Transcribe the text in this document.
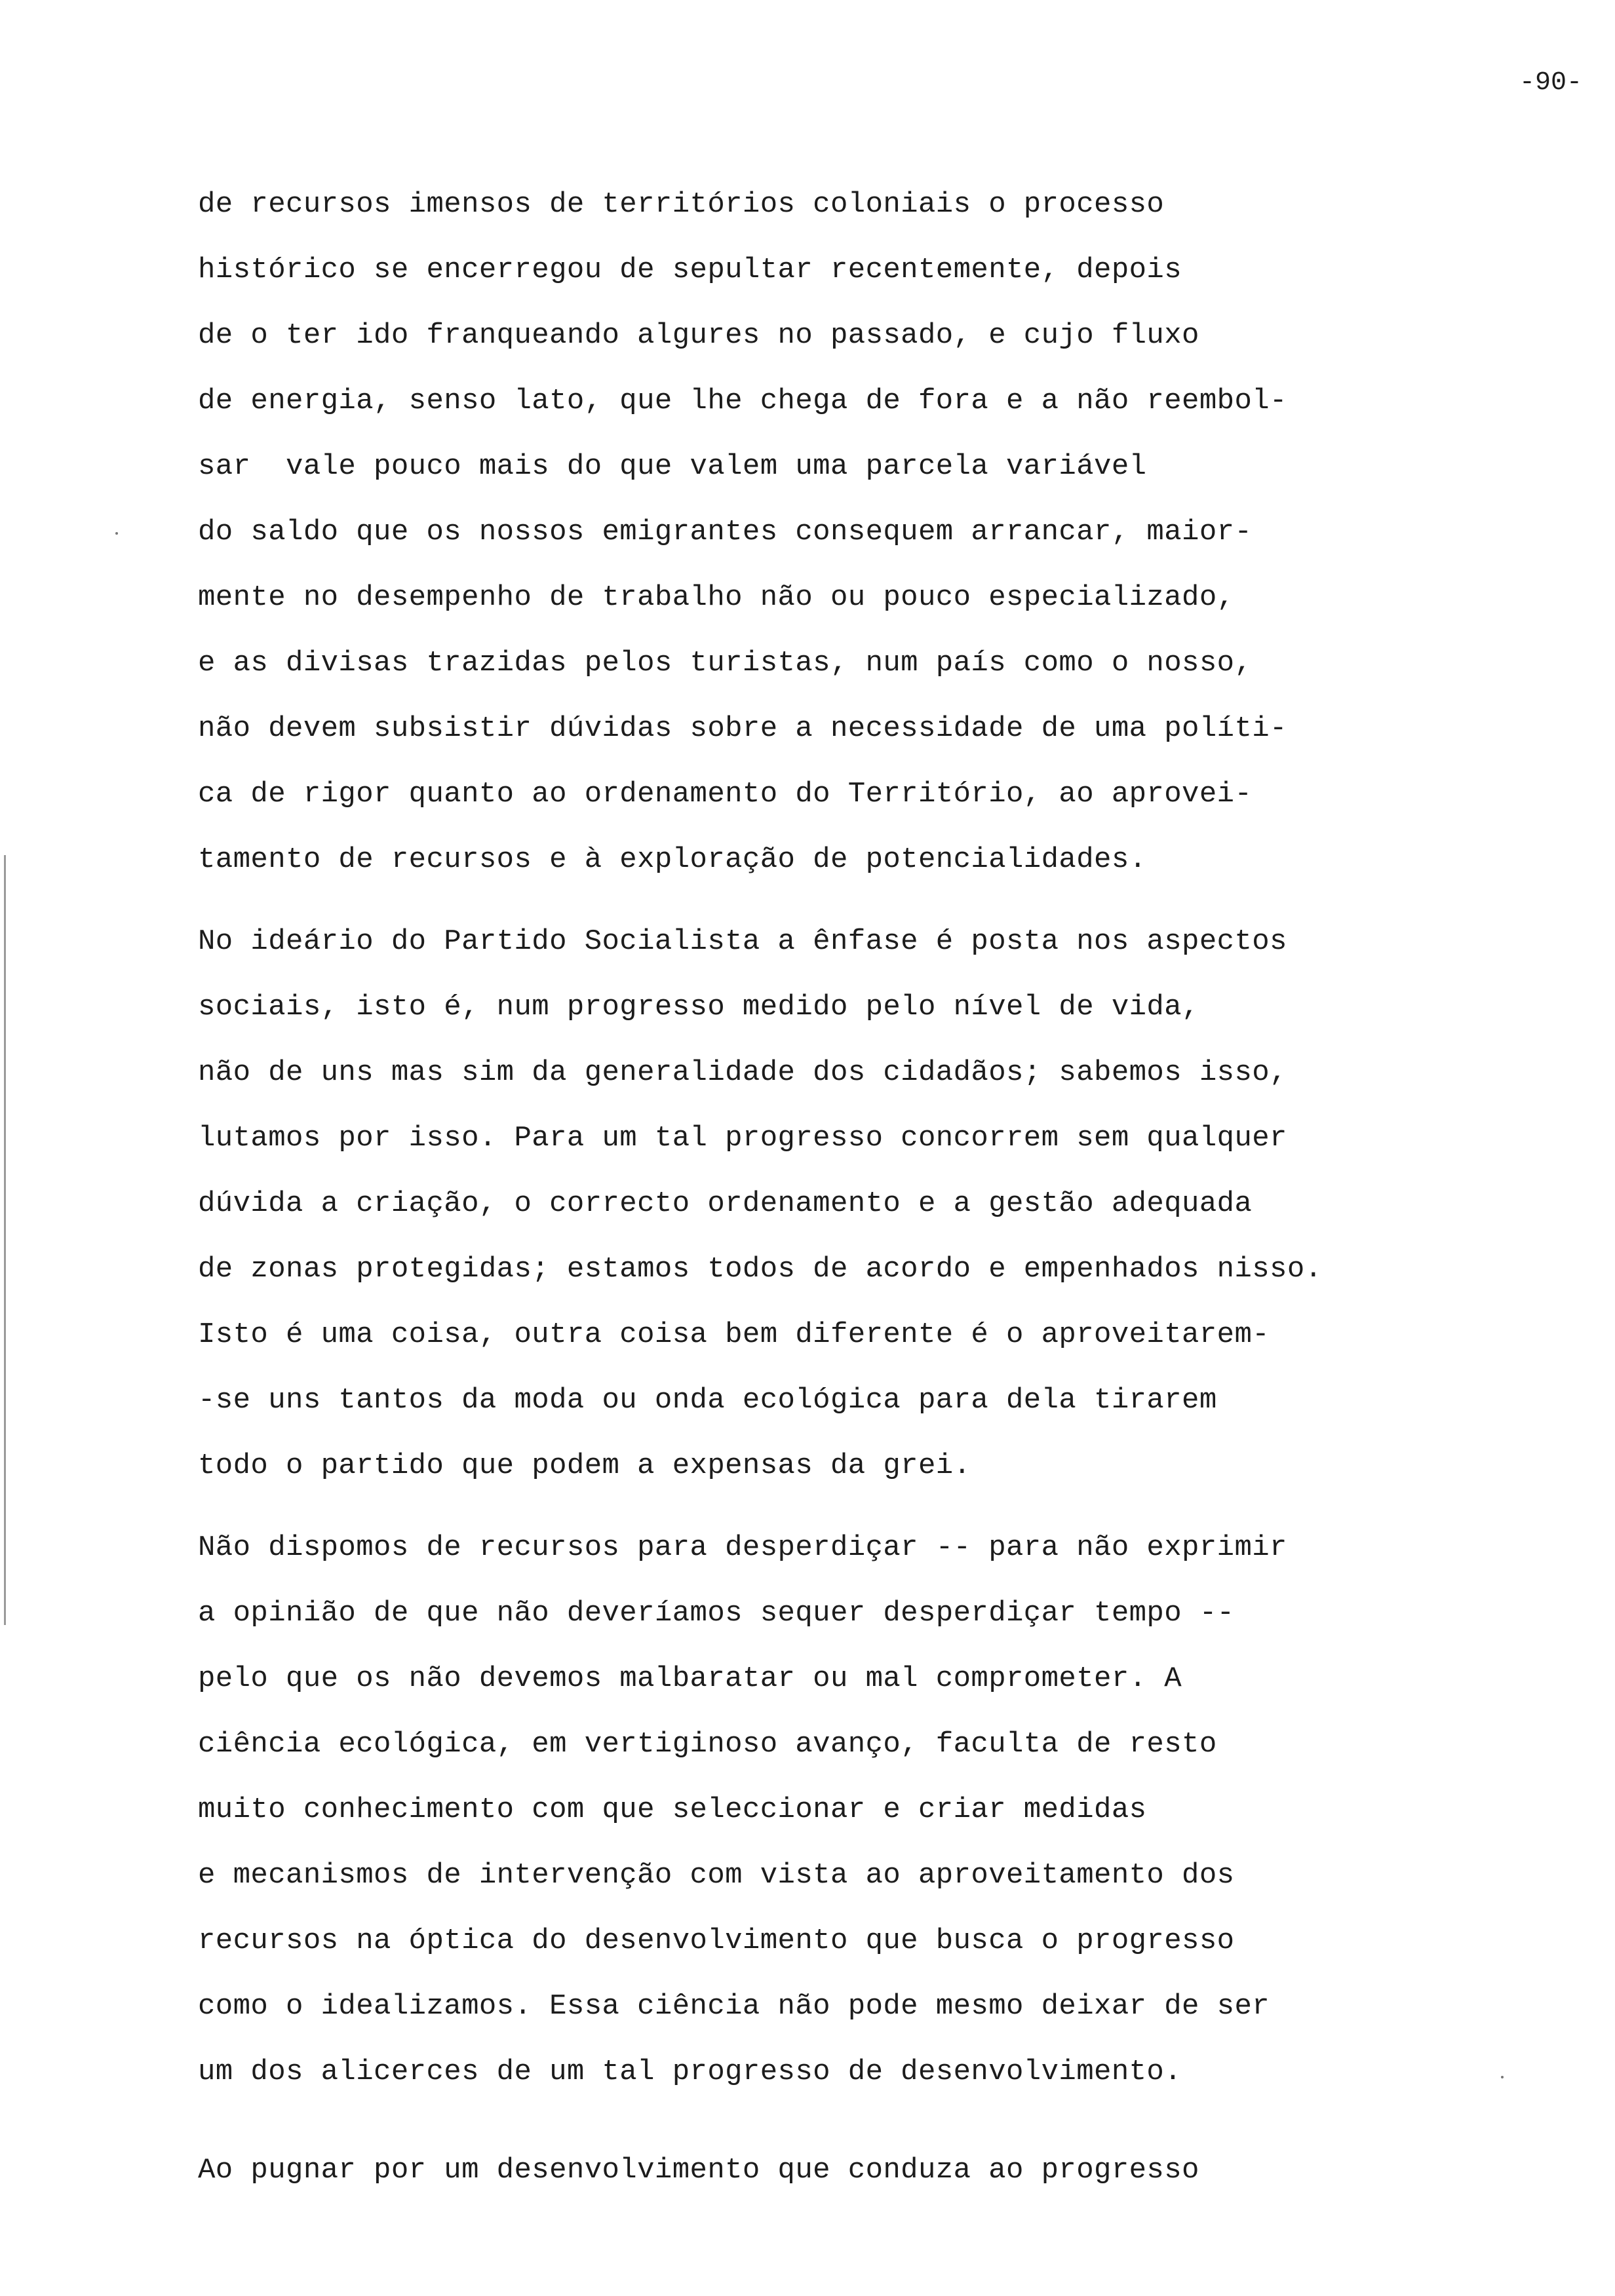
-90-
de recursos imensos de territórios coloniais o processo
histórico se encerregou de sepultar recentemente, depois
de o ter ido franqueando algures no passado, e cujo fluxo
de energia, senso lato, que lhe chega de fora e a não reembol-
sar  vale pouco mais do que valem uma parcela variável
do saldo que os nossos emigrantes consequem arrancar, maior-
mente no desempenho de trabalho não ou pouco especializado,
e as divisas trazidas pelos turistas, num país como o nosso,
não devem subsistir dúvidas sobre a necessidade de uma políti-
ca de rigor quanto ao ordenamento do Território, ao aprovei-
tamento de recursos e à exploração de potencialidades.
No ideário do Partido Socialista a ênfase é posta nos aspectos
sociais, isto é, num progresso medido pelo nível de vida,
não de uns mas sim da generalidade dos cidadãos; sabemos isso,
lutamos por isso. Para um tal progresso concorrem sem qualquer
dúvida a criação, o correcto ordenamento e a gestão adequada
de zonas protegidas; estamos todos de acordo e empenhados nisso.
Isto é uma coisa, outra coisa bem diferente é o aproveitarem-
-se uns tantos da moda ou onda ecológica para dela tirarem
todo o partido que podem a expensas da grei.
Não dispomos de recursos para desperdiçar -- para não exprimir
a opinião de que não deveríamos sequer desperdiçar tempo --
pelo que os não devemos malbaratar ou mal comprometer. A
ciência ecológica, em vertiginoso avanço, faculta de resto
muito conhecimento com que seleccionar e criar medidas
e mecanismos de intervenção com vista ao aproveitamento dos
recursos na óptica do desenvolvimento que busca o progresso
como o idealizamos. Essa ciência não pode mesmo deixar de ser
um dos alicerces de um tal progresso de desenvolvimento.
Ao pugnar por um desenvolvimento que conduza ao progresso
